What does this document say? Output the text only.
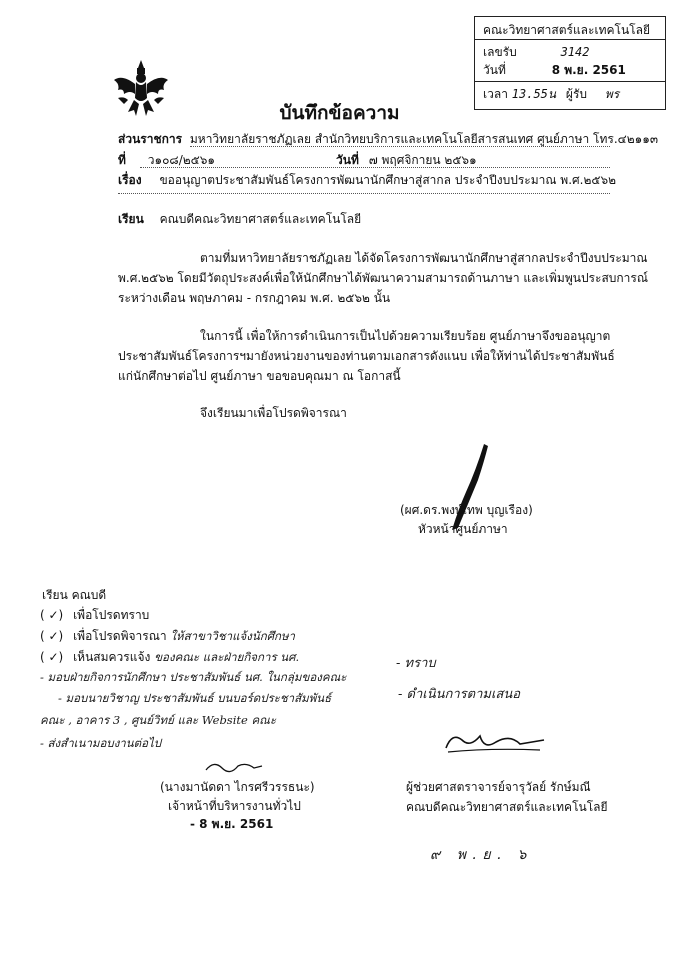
คณะวิทยาศาสตร์และเทคโนโลยี
เลขรับ	3142
วันที่	8 พ.ย. 2561
เวลา 13.55น ผู้รับ พร
บันทึกข้อความ
ส่วนราชการ มหาวิทยาลัยราชภัฏเลย สำนักวิทยบริการและเทคโนโลยีสารสนเทศ ศูนย์ภาษา โทร.๔๒๑๑๓
ที่ ว๑๐๘/๒๕๖๑	วันที่ ๗ พฤศจิกายน ๒๕๖๑
เรื่อง ขออนุญาตประชาสัมพันธ์โครงการพัฒนานักศึกษาสู่สากล ประจำปีงบประมาณ พ.ศ.๒๕๖๒
เรียน คณบดีคณะวิทยาศาสตร์และเทคโนโลยี
ตามที่มหาวิทยาลัยราชภัฏเลย ได้จัดโครงการพัฒนานักศึกษาสู่สากลประจำปีงบประมาณ
พ.ศ.๒๕๖๒ โดยมีวัตถุประสงค์เพื่อให้นักศึกษาได้พัฒนาความสามารถด้านภาษา และเพิ่มพูนประสบการณ์
ระหว่างเดือน พฤษภาคม - กรกฎาคม พ.ศ. ๒๕๖๒ นั้น
ในการนี้ เพื่อให้การดำเนินการเป็นไปด้วยความเรียบร้อย ศูนย์ภาษาจึงขออนุญาต
ประชาสัมพันธ์โครงการฯมายังหน่วยงานของท่านตามเอกสารดังแนบ เพื่อให้ท่านได้ประชาสัมพันธ์
แก่นักศึกษาต่อไป ศูนย์ภาษา ขอขอบคุณมา ณ โอกาสนี้
จึงเรียนมาเพื่อโปรดพิจารณา
(ผศ.ดร.พงษ์เทพ บุญเรือง)
หัวหน้าศูนย์ภาษา
เรียน คณบดี
( ✓) เพื่อโปรดทราบ
( ✓) เพื่อโปรดพิจารณา ให้สาขาวิชาแจ้งนักศึกษา
( ✓) เห็นสมควรแจ้ง ของคณะ และฝ่ายกิจการ นศ.
- มอบฝ่ายกิจการนักศึกษา ประชาสัมพันธ์ นศ. ในกลุ่มของคณะ
- มอบนายวิชาญ ประชาสัมพันธ์ บนบอร์ดประชาสัมพันธ์
คณะ , อาคาร 3 , ศูนย์วิทย์ และ Website คณะ
- ส่งสำเนามอบงานต่อไป
(นางมานัดดา ไกรศรีวรรธนะ)
เจ้าหน้าที่บริหารงานทั่วไป
- 8 พ.ย. 2561
- ทราบ
- ดำเนินการตามเสนอ
ผู้ช่วยศาสตราจารย์จารุวัลย์ รักษ์มณี
คณบดีคณะวิทยาศาสตร์และเทคโนโลยี
๙ พ.ย. ๖
